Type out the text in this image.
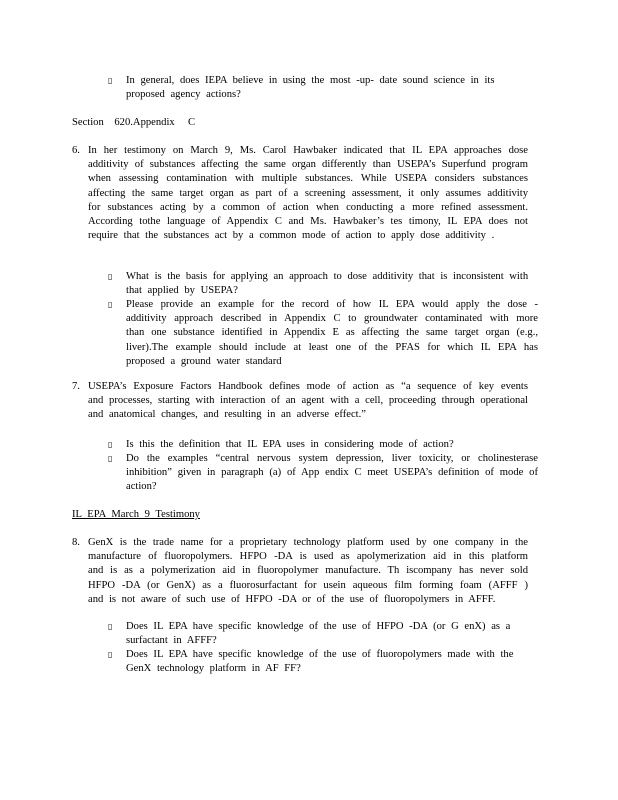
▯	In general, does IEPA believe in using the most -up- date sound science in its proposed agency actions?
Section 620.Appendix C
6. In her testimony on March 9, Ms. Carol Hawbaker indicated that IL EPA approaches dose additivity of substances affecting the same organ differently than USEPA’s Superfund program when assessing contamination with multiple substances. While USEPA considers substances affecting the same target organ as part of a screening assessment, it only assumes additivity for substances acting by a common of action when conducting a more refined assessment. According tothe language of Appendix C and Ms. Hawbaker’s tes timony, IL EPA does not require that the substances act by a common mode of action to apply dose additivity .
▯	What is the basis for applying an approach to dose additivity that is inconsistent with that applied by USEPA?
▯	Please provide an example for the record of how IL EPA would apply the dose - additivity approach described in Appendix C to groundwater contaminated with more than one substance identified in Appendix E as affecting the same target organ (e.g., liver).The example should include at least one of the PFAS for which IL EPA has proposed a ground water standard
7. USEPA’s Exposure Factors Handbook defines mode of action as “a sequence of key events and processes, starting with interaction of an agent with a cell, proceeding through operational and anatomical changes, and resulting in an adverse effect.”
▯	Is this the definition that IL EPA uses in considering mode of action?
▯	Do the examples “central nervous system depression, liver toxicity, or cholinesterase inhibition” given in paragraph (a) of App endix C meet USEPA’s definition of mode of action?
IL EPA March 9 Testimony
8. GenX is the trade name for a proprietary technology platform used by one company in the manufacture of fluoropolymers. HFPO -DA is used as apolymerization aid in this platform and is as a polymerization aid in fluoropolymer manufacture. Th iscompany has never sold HFPO -DA (or GenX) as a fluorosurfactant for usein aqueous film forming foam (AFFF ) and is not aware of such use of HFPO -DA or of the use of fluoropolymers in AFFF.
▯	Does IL EPA have specific knowledge of the use of HFPO -DA (or G enX) as a surfactant in AFFF?
▯	Does IL EPA have specific knowledge of the use of fluoropolymers made with the GenX technology platform in AF FF?
